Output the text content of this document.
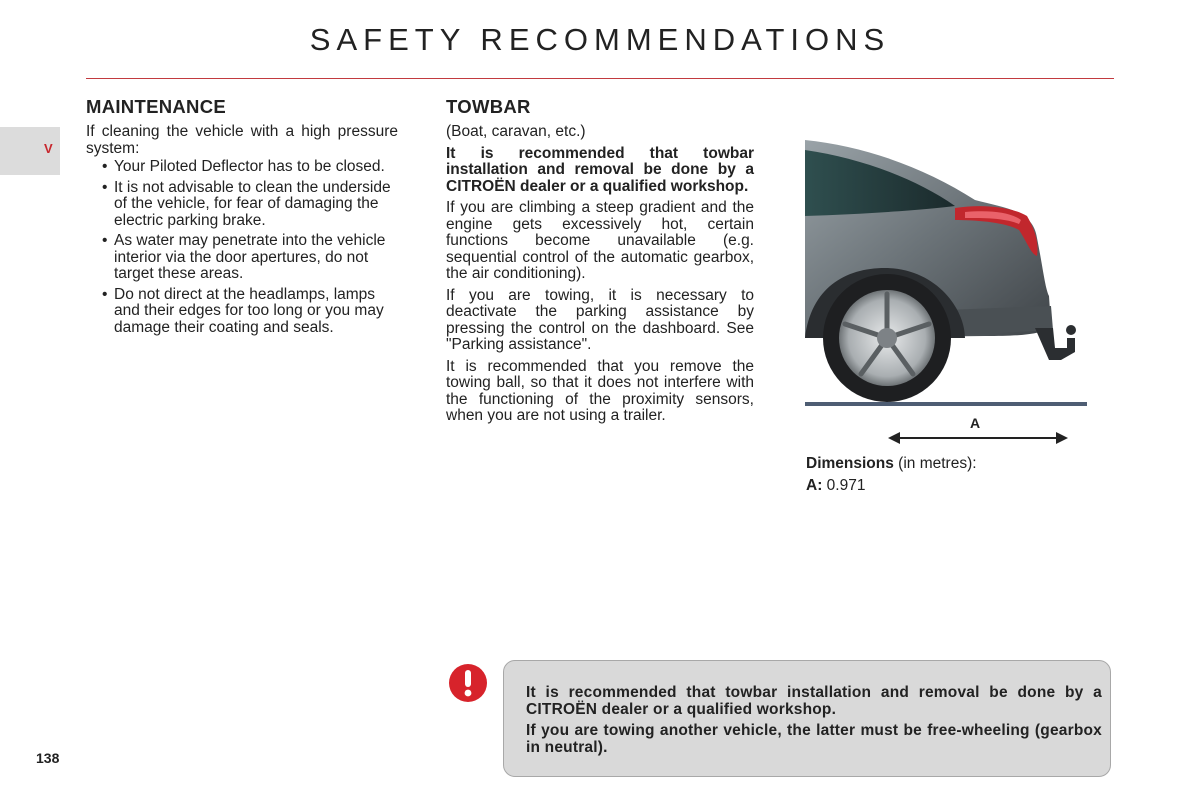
SAFETY RECOMMENDATIONS
V
MAINTENANCE

If cleaning the vehicle with a high pressure system:

• Your Piloted Deflector has to be closed.
• It is not advisable to clean the underside of the vehicle, for fear of damaging the electric parking brake.
• As water may penetrate into the vehicle interior via the door apertures, do not target these areas.
• Do not direct at the headlamps, lamps and their edges for too long or you may damage their coating and seals.
TOWBAR

(Boat, caravan, etc.)

It is recommended that towbar installation and removal be done by a CITROËN dealer or a qualified workshop.

If you are climbing a steep gradient and the engine gets excessively hot, certain functions become unavailable (e.g. sequential control of the automatic gearbox, the air conditioning).

If you are towing, it is necessary to deactivate the parking assistance by pressing the control on the dashboard. See "Parking assistance".

It is recommended that you remove the towing ball, so that it does not interfere with the functioning of the proximity sensors, when you are not using a trailer.	A
Dimensions (in metres):
A: 0.971

It is recommended that towbar installation and removal be done by a CITROËN dealer or a qualified workshop.

If you are towing another vehicle, the latter must be free-wheeling (gearbox in neutral).

138
